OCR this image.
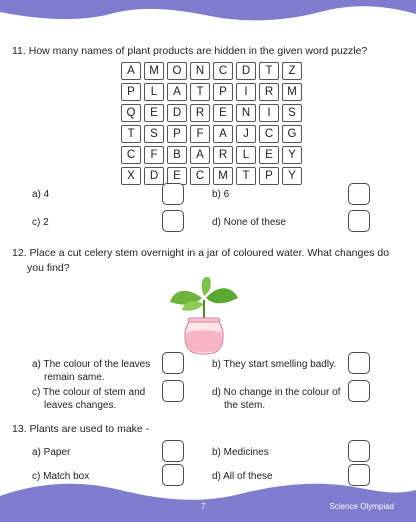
11. How many names of plant products are hidden in the given word puzzle?
A	M	O	N	C	D	T	Z
P	L	A	T	P	I	R	M
Q	E	D	R	E	N	I	S
T	S	P	F	A	J	C	G
C	F	B	A	R	L	E	Y
X	D	E	C	M	T	P	Y
a) 4	b) 6
c) 2	d) None of these
12. Place a cut celery stem overnight in a jar of coloured water. What changes do
you find?
a) The colour of the leaves
remain same.
b) They start smelling badly.
c) The colour of stem and
leaves changes.
d) No change in the colour of
the stem.
13. Plants are used to make -
a) Paper	b) Medicines
c) Match box	d) All of these
7	Science Olympiad
